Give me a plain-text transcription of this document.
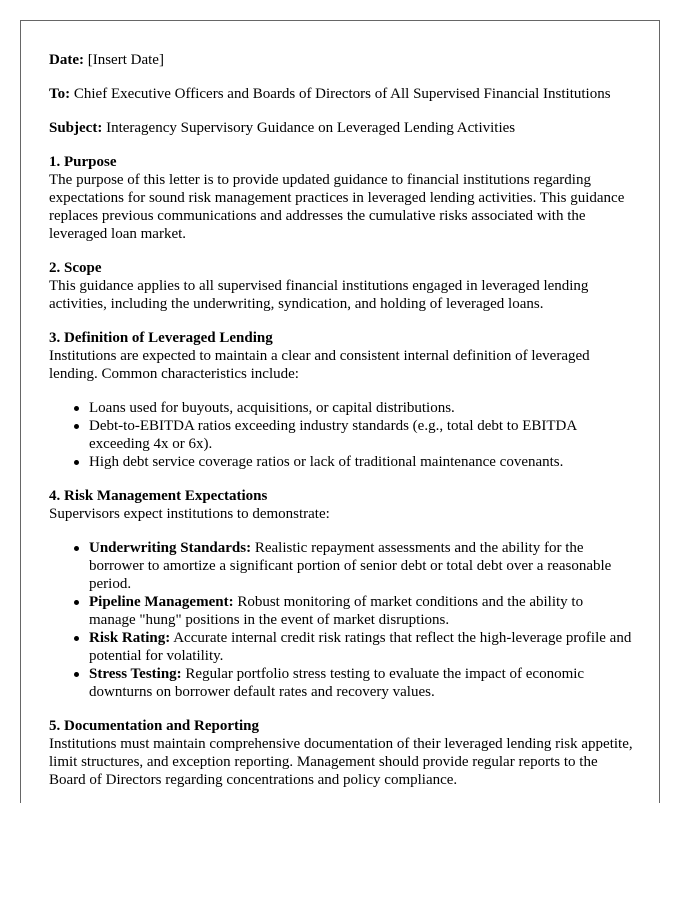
Date: [Insert Date]
To: Chief Executive Officers and Boards of Directors of All Supervised Financial Institutions
Subject: Interagency Supervisory Guidance on Leveraged Lending Activities
1. Purpose
The purpose of this letter is to provide updated guidance to financial institutions regarding expectations for sound risk management practices in leveraged lending activities. This guidance replaces previous communications and addresses the cumulative risks associated with the leveraged loan market.
2. Scope
This guidance applies to all supervised financial institutions engaged in leveraged lending activities, including the underwriting, syndication, and holding of leveraged loans.
3. Definition of Leveraged Lending
Institutions are expected to maintain a clear and consistent internal definition of leveraged lending. Common characteristics include:
Loans used for buyouts, acquisitions, or capital distributions.
Debt-to-EBITDA ratios exceeding industry standards (e.g., total debt to EBITDA exceeding 4x or 6x).
High debt service coverage ratios or lack of traditional maintenance covenants.
4. Risk Management Expectations
Supervisors expect institutions to demonstrate:
Underwriting Standards: Realistic repayment assessments and the ability for the borrower to amortize a significant portion of senior debt or total debt over a reasonable period.
Pipeline Management: Robust monitoring of market conditions and the ability to manage "hung" positions in the event of market disruptions.
Risk Rating: Accurate internal credit risk ratings that reflect the high-leverage profile and potential for volatility.
Stress Testing: Regular portfolio stress testing to evaluate the impact of economic downturns on borrower default rates and recovery values.
5. Documentation and Reporting
Institutions must maintain comprehensive documentation of their leveraged lending risk appetite, limit structures, and exception reporting. Management should provide regular reports to the Board of Directors regarding concentrations and policy compliance.
